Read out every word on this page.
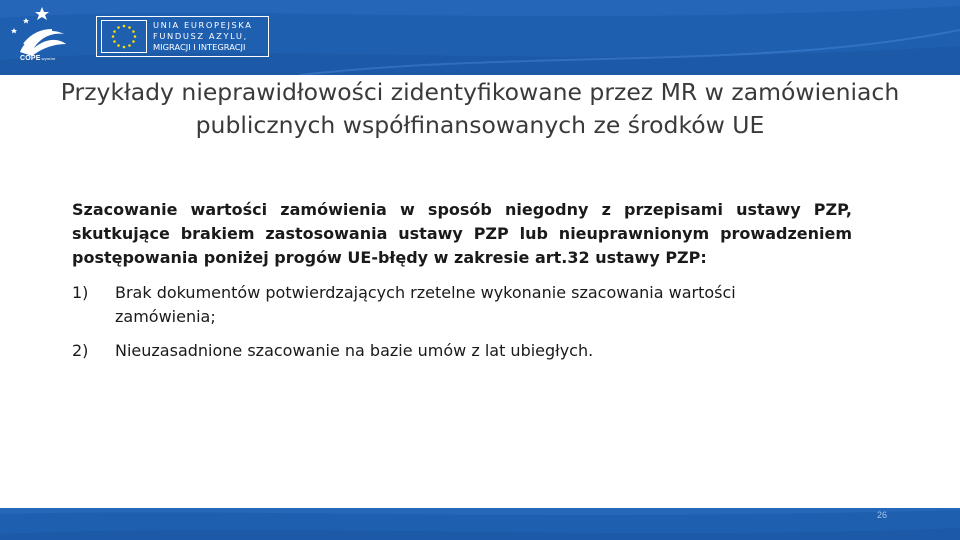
COPEwymiar
UNIA EUROPEJSKA
FUNDUSZ AZYLU,
MIGRACJI I INTEGRACJI
Przykłady nieprawidłowości zidentyfikowane przez MR w zamówieniach publicznych współfinansowanych ze środków UE

Szacowanie wartości zamówienia w sposób niegodny z przepisami ustawy PZP, skutkujące brakiem zastosowania ustawy PZP lub nieuprawnionym prowadzeniem postępowania poniżej progów UE-błędy w zakresie art.32 ustawy PZP:

1) Brak dokumentów potwierdzających rzetelne wykonanie szacowania wartości zamówienia;
2) Nieuzasadnione szacowanie na bazie umów z lat ubiegłych.
26
